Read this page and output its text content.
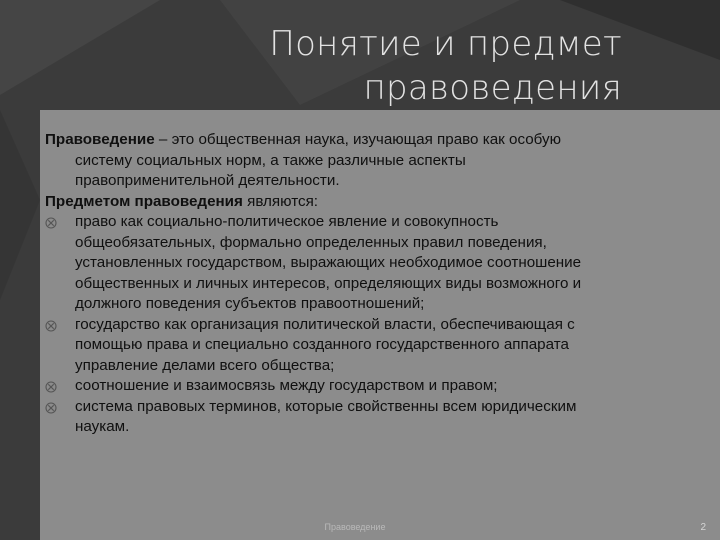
Понятие и предмет
правоведения

Правоведение – это общественная наука, изучающая право как особую систему социальных норм, а также различные аспекты правоприменительной деятельности.

Предметом правоведения являются:

право как социально-политическое явление и совокупность общеобязательных, формально определенных правил поведения, установленных государством, выражающих необходимое соотношение общественных и личных интересов, определяющих виды возможного и должного поведения субъектов правоотношений;
государство как организация политической власти, обеспечивающая с помощью права и специально созданного государственного аппарата управление делами всего общества;
соотношение и взаимосвязь между государством и правом;
система правовых терминов, которые свойственны всем юридическим наукам.
Правоведение	2
